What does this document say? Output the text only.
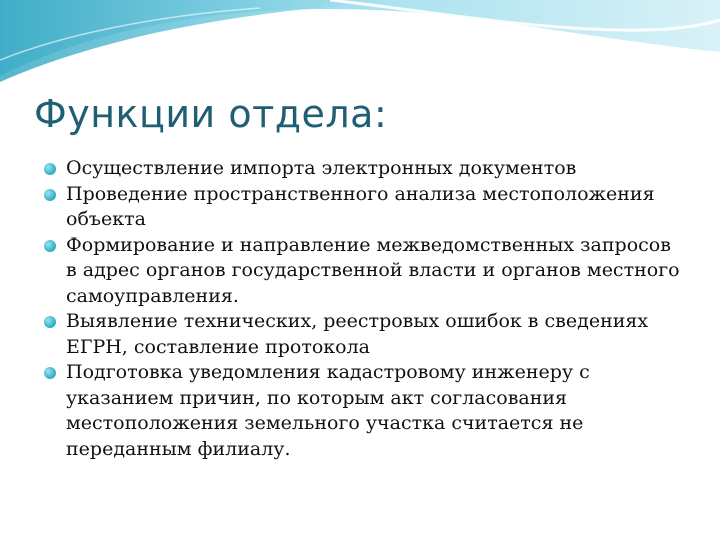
Функции отдела:
Осуществление импорта электронных документов
Проведение пространственного анализа местоположения объекта
Формирование и направление межведомственных запросов в адрес органов государственной власти и органов местного самоуправления.
Выявление технических, реестровых ошибок в сведениях ЕГРН, составление протокола
Подготовка уведомления кадастровому инженеру с указанием причин, по которым акт согласования местоположения земельного участка считается не переданным филиалу.
